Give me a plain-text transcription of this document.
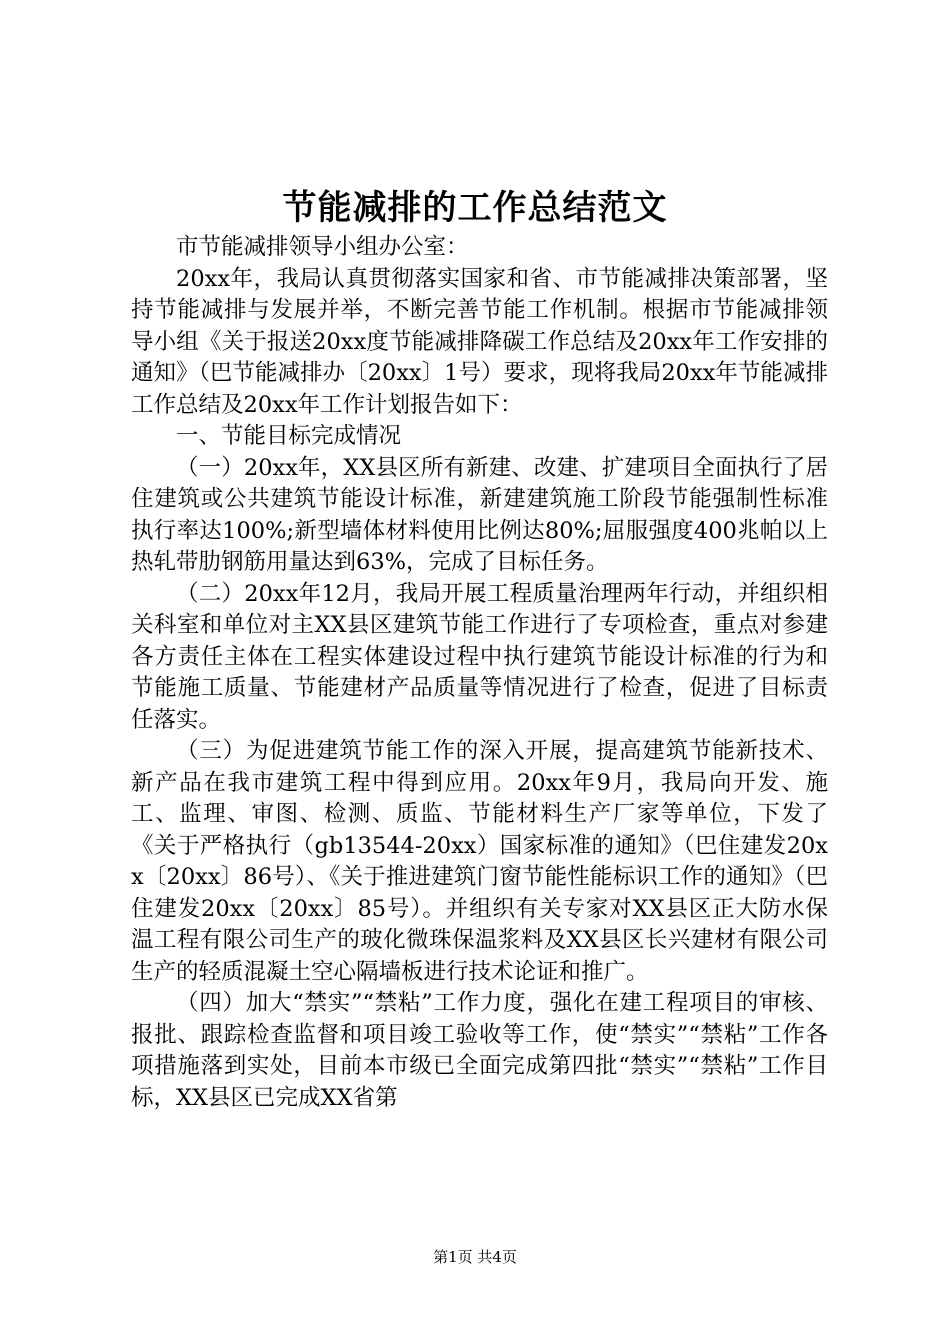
节能减排的工作总结范文

市节能减排领导小组办公室：

20xx年，我局认真贯彻落实国家和省、市节能减排决策部署，坚持节能减排与发展并举，不断完善节能工作机制。根据市节能减排领导小组《关于报送20xx度节能减排降碳工作总结及20xx年工作安排的通知》（巴节能减排办〔20xx〕1号）要求，现将我局20xx年节能减排工作总结及20xx年工作计划报告如下：

一、节能目标完成情况

（一）20xx年，XX县区所有新建、改建、扩建项目全面执行了居住建筑或公共建筑节能设计标准，新建建筑施工阶段节能强制性标准执行率达100%;新型墙体材料使用比例达80%;屈服强度400兆帕以上热轧带肋钢筋用量达到63%，完成了目标任务。

（二）20xx年12月，我局开展工程质量治理两年行动，并组织相关科室和单位对主XX县区建筑节能工作进行了专项检查，重点对参建各方责任主体在工程实体建设过程中执行建筑节能设计标准的行为和节能施工质量、节能建材产品质量等情况进行了检查，促进了目标责任落实。

（三）为促进建筑节能工作的深入开展，提高建筑节能新技术、新产品在我市建筑工程中得到应用。20xx年9月，我局向开发、施工、监理、审图、检测、质监、节能材料生产厂家等单位，下发了《关于严格执行（gb13544-20xx）国家标准的通知》（巴住建发20xx〔20xx〕86号）、《关于推进建筑门窗节能性能标识工作的通知》（巴住建发20xx〔20xx〕85号）。并组织有关专家对XX县区正大防水保温工程有限公司生产的玻化微珠保温浆料及XX县区长兴建材有限公司生产的轻质混凝土空心隔墙板进行技术论证和推广。

（四）加大“禁实”“禁粘”工作力度，强化在建工程项目的审核、报批、跟踪检查监督和项目竣工验收等工作，使“禁实”“禁粘”工作各项措施落到实处，目前本市级已全面完成第四批“禁实”“禁粘”工作目标，XX县区已完成XX省第

第1页 共4页
